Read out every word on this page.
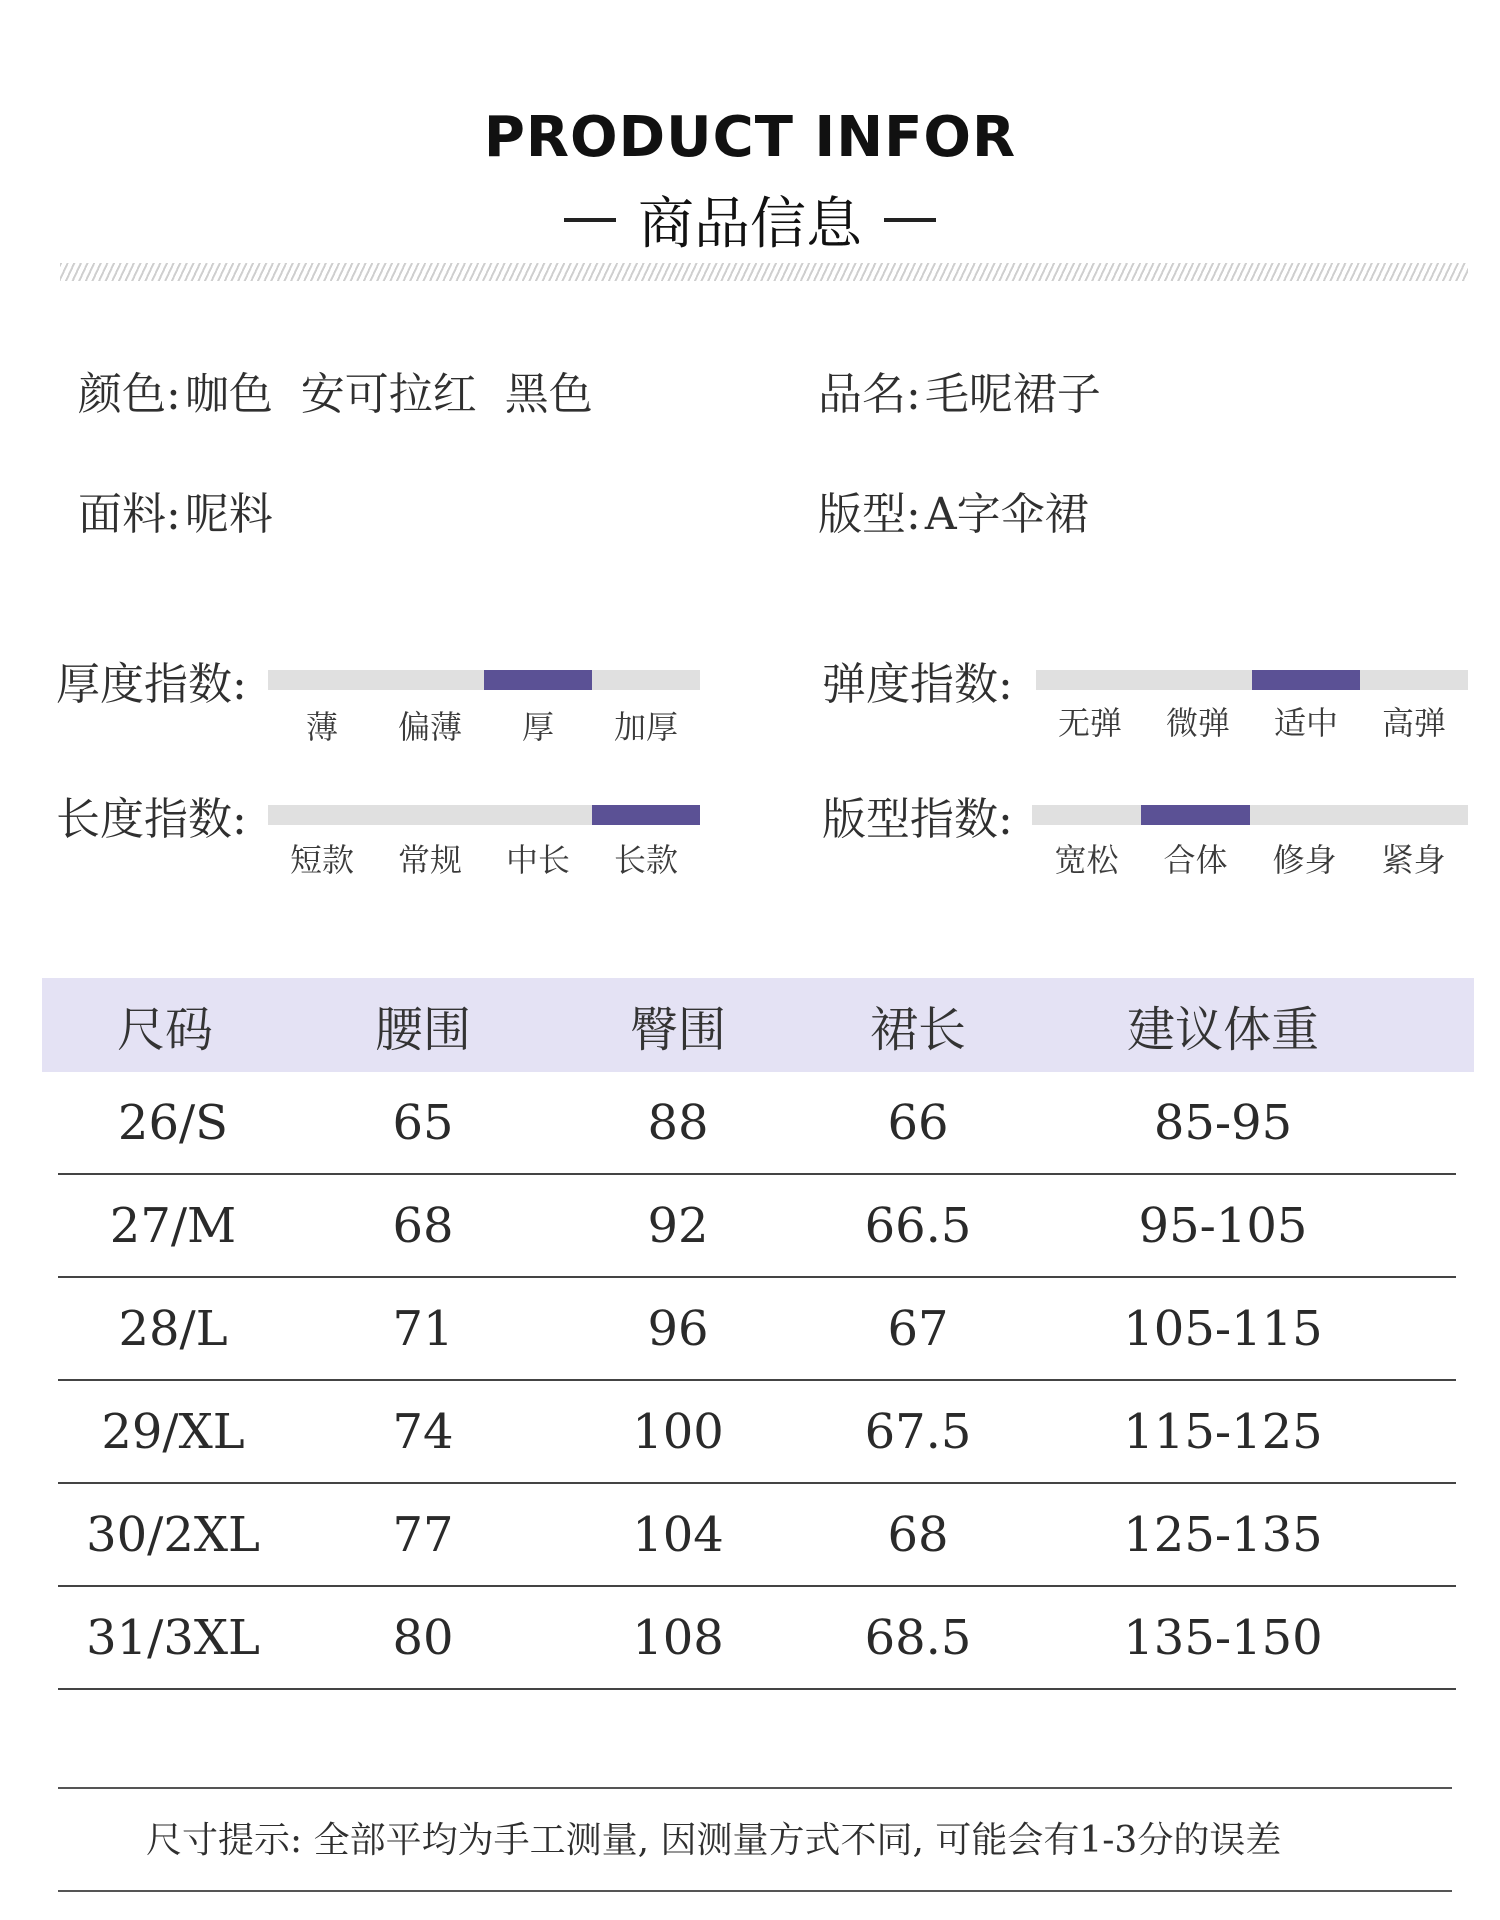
PRODUCT INFOR
商品信息
颜色:咖色  安可拉红  黑色	品名:毛呢裙子
面料:呢料	版型:A字伞裙
厚度指数:
薄	偏薄	厚	加厚
弹度指数:
无弹	微弹	适中	高弹
长度指数:
短款	常规	中长	长款
版型指数:
宽松	合体	修身	紧身
尺码	腰围	臀围	裙长	建议体重
26/S	65	88	66	85-95
27/M	68	92	66.5	95-105
28/L	71	96	67	105-115
29/XL	74	100	67.5	115-125
30/2XL	77	104	68	125-135
31/3XL	80	108	68.5	135-150
尺寸提示: 全部平均为手工测量, 因测量方式不同, 可能会有1-3分的误差
